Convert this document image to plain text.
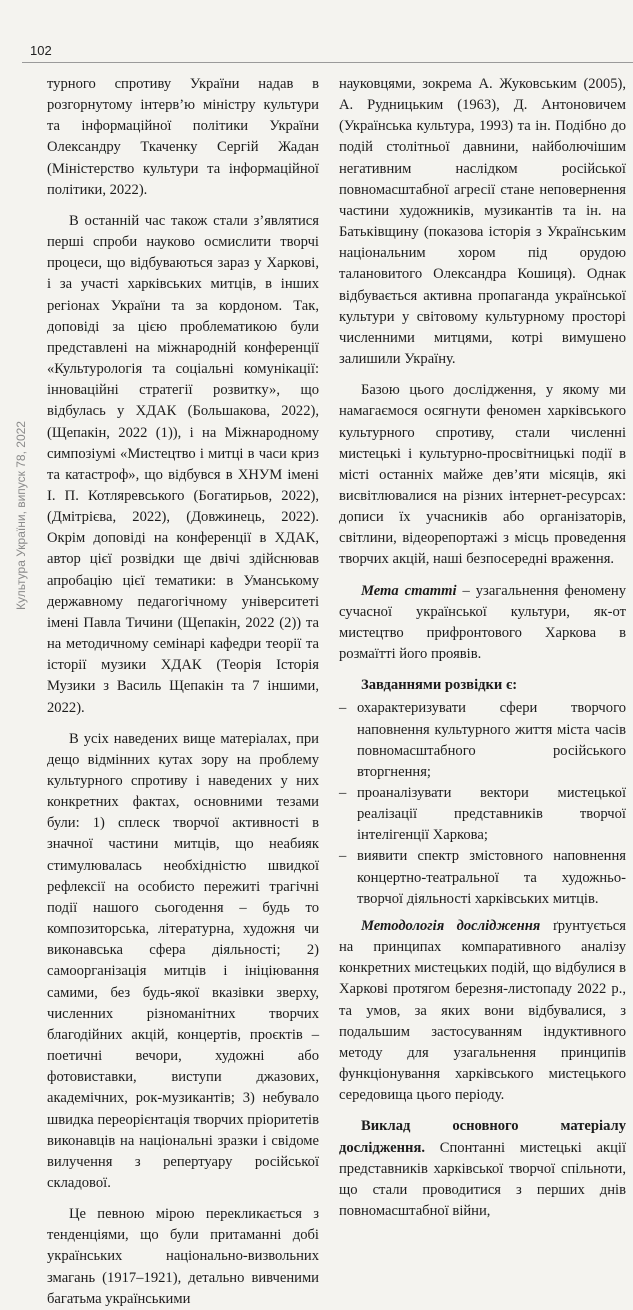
102
Культура України, випуск 78, 2022

турного спротиву України надав в розгорнутому інтерв’ю міністру культури та інформаційної політики України Олександру Ткаченку Сергій Жадан (Міністерство культури та інформаційної політики, 2022).

В останній час також стали з’являтися перші спроби науково осмислити творчі процеси, що відбуваються зараз у Харкові, і за участі харківських митців, в інших регіонах України та за кордоном. Так, доповіді за цією проблематикою були представлені на міжнародній конференції «Культурологія та соціальні комунікації: інноваційні стратегії розвитку», що відбулась у ХДАК (Большакова, 2022), (Щепакін, 2022 (1)), і на Міжнародному симпозіумі «Мистецтво і митці в часи криз та катастроф», що відбувся в ХНУМ імені І. П. Котляревського (Богатирьов, 2022), (Дмітрієва, 2022), (Довжинець, 2022). Окрім доповіді на конференції в ХДАК, автор цієї розвідки ще двічі здійснював апробацію цієї тематики: в Уманському державному педагогічному університеті імені Павла Тичини (Щепакін, 2022 (2)) та на методичному семінарі кафедри теорії та історії музики ХДАК (Теорія Історія Музики з Василь Щепакін та 7 іншими, 2022).

В усіх наведених вище матеріалах, при дещо відмінних кутах зору на проблему культурного спротиву і наведених у них конкретних фактах, основними тезами були: 1) сплеск творчої активності в значної частини митців, що неабияк стимулювалась необхідністю швидкої рефлексії на особисто пережиті трагічні події нашого сьогодення – будь то композиторська, літературна, художня чи виконавська сфера діяльності; 2) самоорганізація митців і ініціювання самими, без будь-якої вказівки зверху, численних різноманітних творчих благодійних акцій, концертів, проєктів – поетичні вечори, художні або фотовиставки, виступи джазових, академічних, рок-музикантів; 3) небувало швидка переорієнтація творчих пріоритетів виконавців на національні зразки і свідоме вилучення з репертуару російської складової.

Це певною мірою перекликається з тенденціями, що були притаманні добі українських національно-визвольних змагань (1917–1921), детально вивченими багатьма українськими

науковцями, зокрема А. Жуковським (2005), А. Рудницьким (1963), Д. Антоновичем (Українська культура, 1993) та ін. Подібно до подій столітньої давнини, найболючішим негативним наслідком російської повномасштабної агресії стане неповернення частини художників, музикантів та ін. на Батьківщину (показова історія з Українським національним хором під орудою талановитого Олександра Кошиця). Однак відбувається активна пропаганда української культури у світовому культурному просторі численними митцями, котрі вимушено залишили Україну.

Базою цього дослідження, у якому ми намагаємося осягнути феномен харківського культурного спротиву, стали численні мистецькі і культурно-просвітницькі події в місті останніх майже дев’яти місяців, які висвітлювалися на різних інтернет-ресурсах: дописи їх учасників або організаторів, світлини, відеорепортажі з місць проведення творчих акцій, наші безпосередні враження.

Мета статті – узагальнення феномену сучасної української культури, як-от мистецтво прифронтового Харкова в розмаїтті його проявів.

Завданнями розвідки є:
– охарактеризувати сфери творчого наповнення культурного життя міста часів повномасштабного російського вторгнення;
– проаналізувати вектори мистецької реалізації представників творчої інтелігенції Харкова;
– виявити спектр змістовного наповнення концертно-театральної та художньо-творчої діяльності харківських митців.

Методологія дослідження ґрунтується на принципах компаративного аналізу конкретних мистецьких подій, що відбулися в Харкові протягом березня-листопаду 2022 р., та умов, за яких вони відбувалися, з подальшим застосуванням індуктивного методу для узагальнення принципів функціонування харківського мистецького середовища цього періоду.

Виклад основного матеріалу дослідження. Спонтанні мистецькі акції представників харківської творчої спільноти, що стали проводитися з перших днів повномасштабної війни,
